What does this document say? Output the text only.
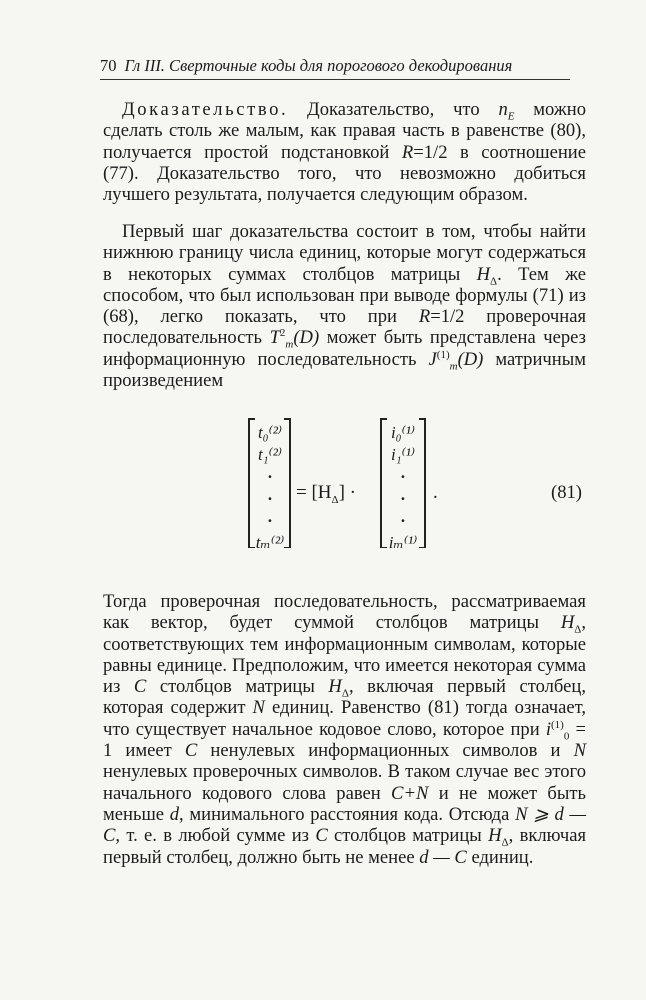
70 Гл III. Сверточные коды для порогового декодирования

Доказательство. Доказательство, что $n_E$ можно сделать столь же малым, как правая часть в равенстве (80), получается простой подстановкой R=1/2 в соотношение (77). Доказательство того, что невозможно добиться лучшего результата, получается следующим образом.

Первый шаг доказательства состоит в том, чтобы найти нижнюю границу числа единиц, которые могут содержаться в некоторых суммах столбцов матрицы $H_\Delta$. Тем же способом, что был использован при выводе формулы (71) из (68), легко показать, что при R=1/2 проверочная последовательность $T^2_m(D)$ может быть представлена через информационную последовательность $J^{(1)}_m(D)$ матричным произведением

t₀⁽²⁾
t₁⁽²⁾
·
·
·
tₘ⁽²⁾
= $[H_\Delta]$ ·
i₀⁽¹⁾
i₁⁽¹⁾
·
·
·
iₘ⁽¹⁾
.	(81)

Тогда проверочная последовательность, рассматриваемая как вектор, будет суммой столбцов матрицы $H_\Delta$, соответствующих тем информационным символам, которые равны единице. Предположим, что имеется некоторая сумма из C столбцов матрицы $H_\Delta$, включая первый столбец, которая содержит N единиц. Равенство (81) тогда означает, что существует начальное кодовое слово, которое при $i^{(1)}_0 = 1$ имеет C ненулевых информационных символов и N ненулевых проверочных символов. В таком случае вес этого начального кодового слова равен C+N и не может быть меньше d, минимального расстояния кода. Отсюда N ⩾ d — C, т. е. в любой сумме из C столбцов матрицы $H_\Delta$, включая первый столбец, должно быть не менее d — C единиц.
